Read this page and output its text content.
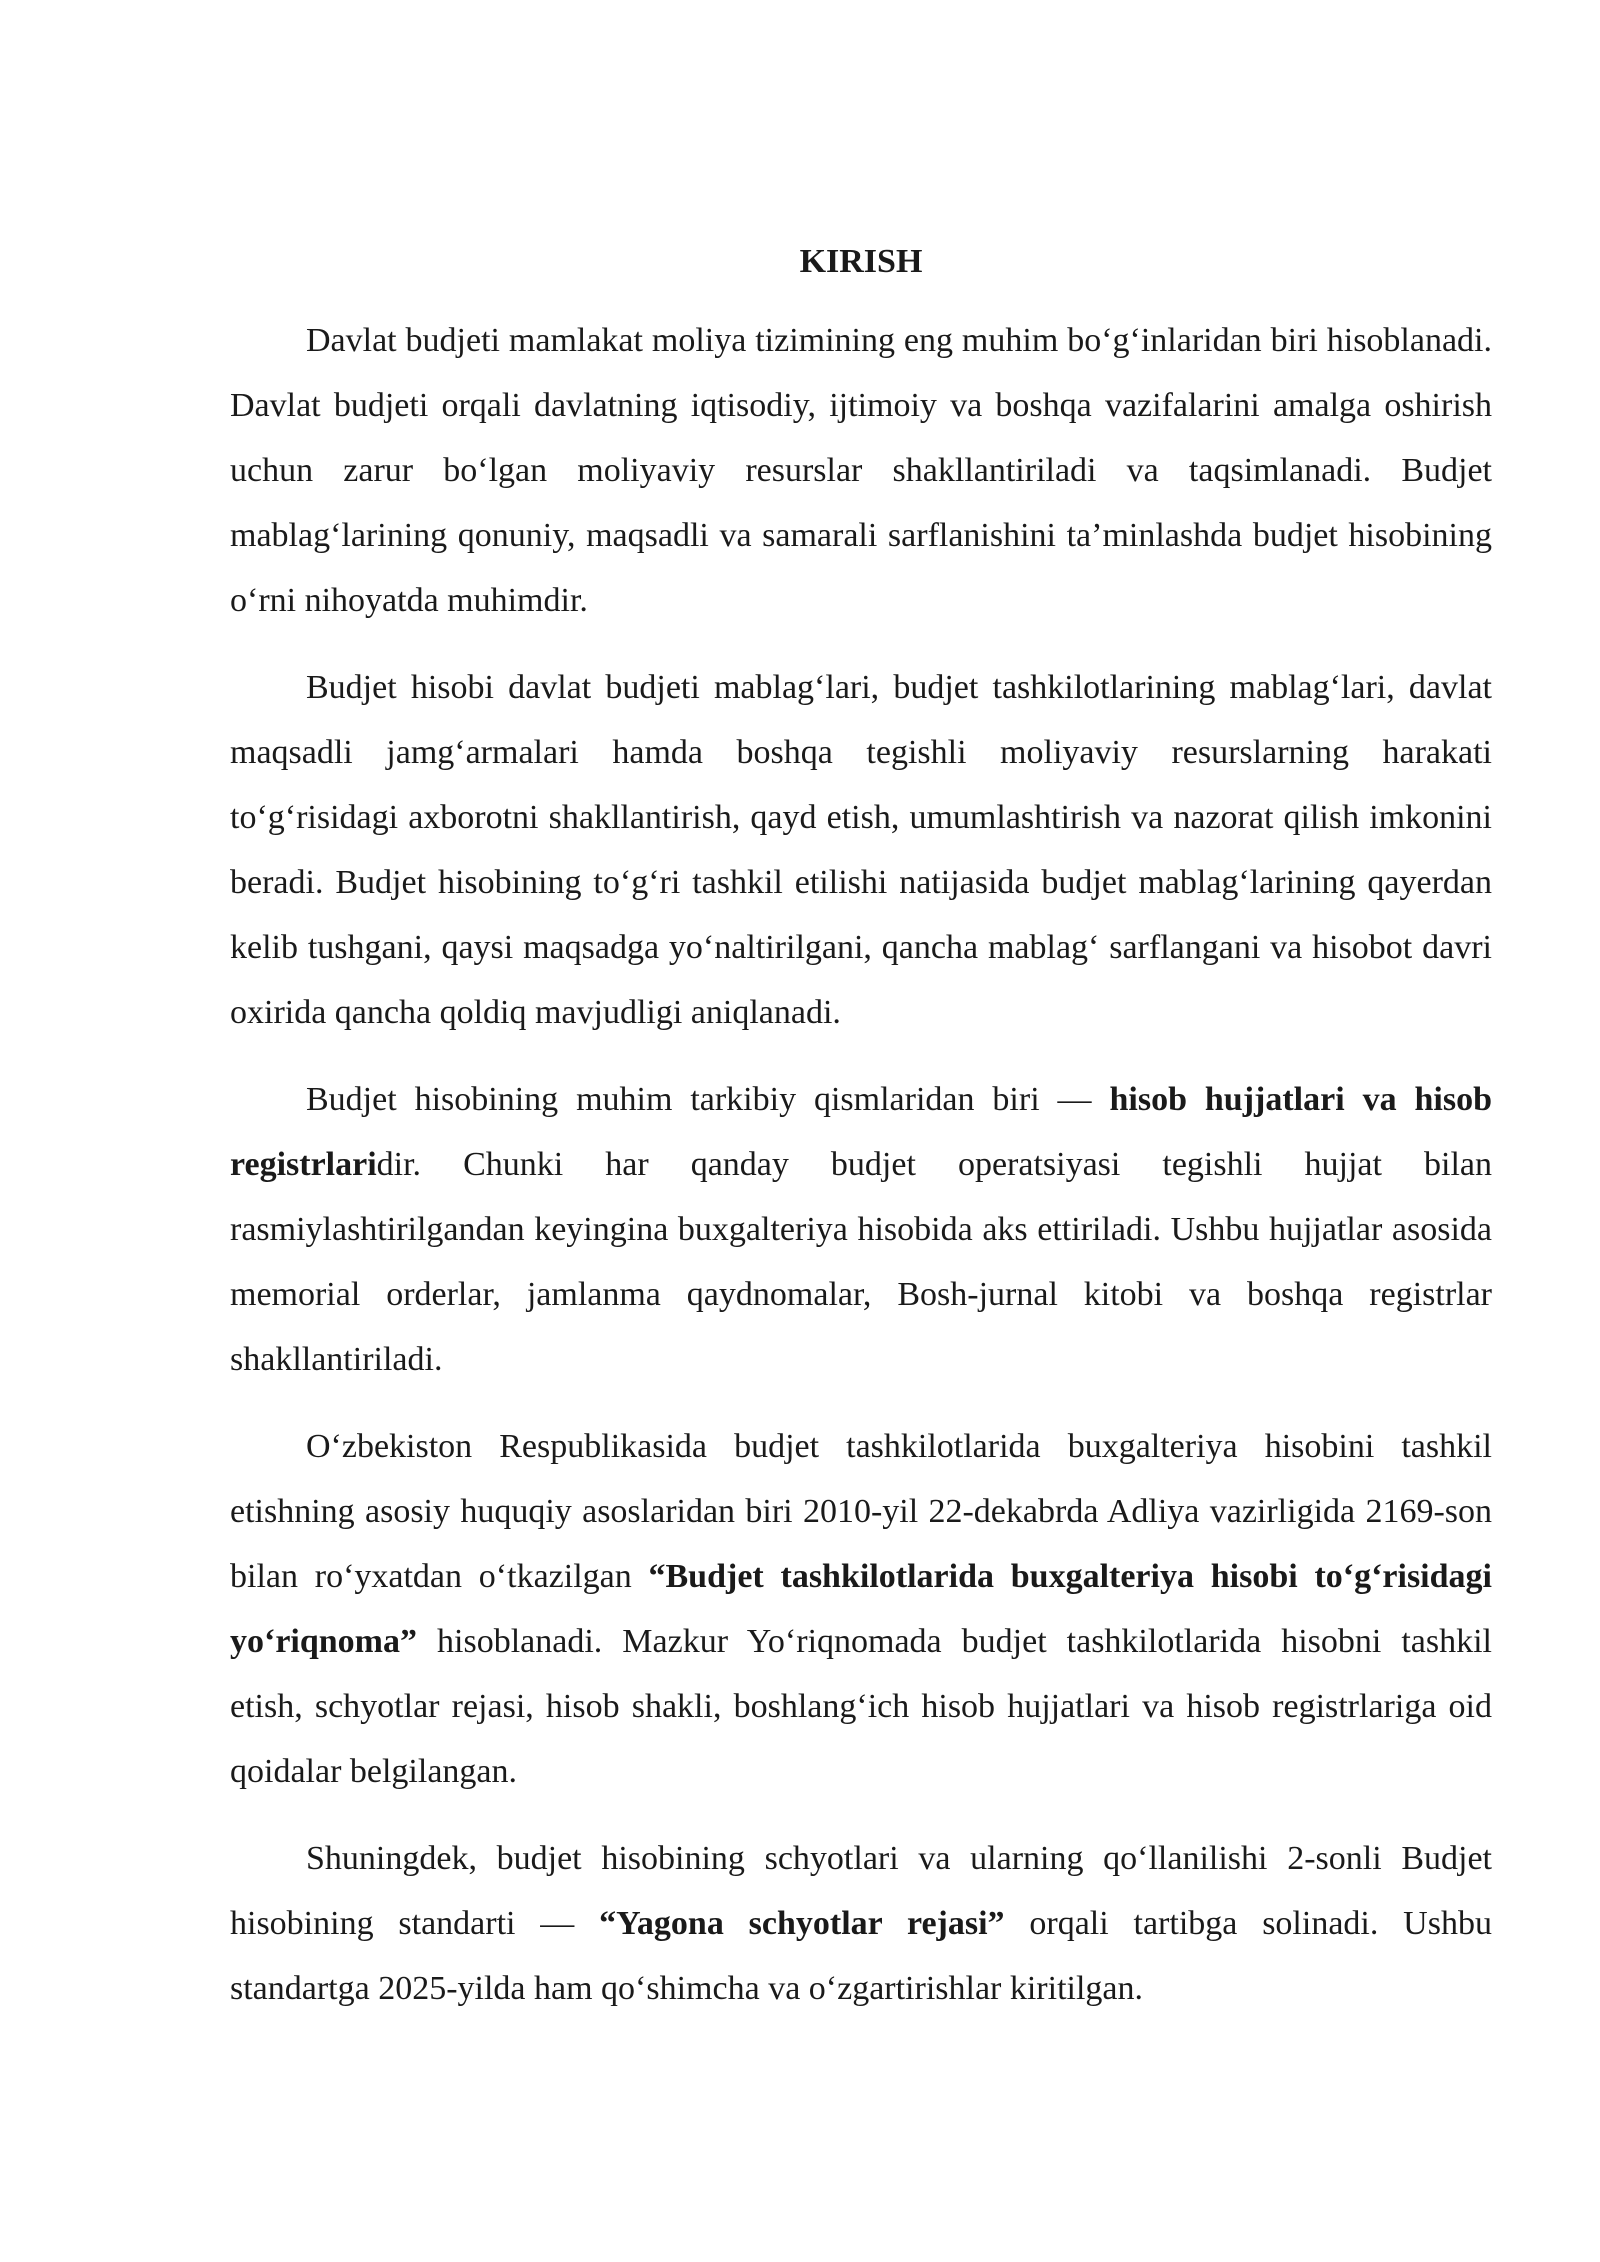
KIRISH

Davlat budjeti mamlakat moliya tizimining eng muhim bo‘g‘inlaridan biri hisoblanadi. Davlat budjeti orqali davlatning iqtisodiy, ijtimoiy va boshqa vazifalarini amalga oshirish uchun zarur bo‘lgan moliyaviy resurslar shakllantiriladi va taqsimlanadi. Budjet mablag‘larining qonuniy, maqsadli va samarali sarflanishini ta’minlashda budjet hisobining o‘rni nihoyatda muhimdir.

Budjet hisobi davlat budjeti mablag‘lari, budjet tashkilotlarining mablag‘lari, davlat maqsadli jamg‘armalari hamda boshqa tegishli moliyaviy resurslarning harakati to‘g‘risidagi axborotni shakllantirish, qayd etish, umumlashtirish va nazorat qilish imkonini beradi. Budjet hisobining to‘g‘ri tashkil etilishi natijasida budjet mablag‘larining qayerdan kelib tushgani, qaysi maqsadga yo‘naltirilgani, qancha mablag‘ sarflangani va hisobot davri oxirida qancha qoldiq mavjudligi aniqlanadi.

Budjet hisobining muhim tarkibiy qismlaridan biri — hisob hujjatlari va hisob registrlaridir. Chunki har qanday budjet operatsiyasi tegishli hujjat bilan rasmiylashtirilgandan keyingina buxgalteriya hisobida aks ettiriladi. Ushbu hujjatlar asosida memorial orderlar, jamlanma qaydnomalar, Bosh-jurnal kitobi va boshqa registrlar shakllantiriladi.

O‘zbekiston Respublikasida budjet tashkilotlarida buxgalteriya hisobini tashkil etishning asosiy huquqiy asoslaridan biri 2010-yil 22-dekabrda Adliya vazirligida 2169-son bilan ro‘yxatdan o‘tkazilgan “Budjet tashkilotlarida buxgalteriya hisobi to‘g‘risidagi yo‘riqnoma” hisoblanadi. Mazkur Yo‘riqnomada budjet tashkilotlarida hisobni tashkil etish, schyotlar rejasi, hisob shakli, boshlang‘ich hisob hujjatlari va hisob registrlariga oid qoidalar belgilangan.

Shuningdek, budjet hisobining schyotlari va ularning qo‘llanilishi 2-sonli Budjet hisobining standarti — “Yagona schyotlar rejasi” orqali tartibga solinadi. Ushbu standartga 2025-yilda ham qo‘shimcha va o‘zgartirishlar kiritilgan.
